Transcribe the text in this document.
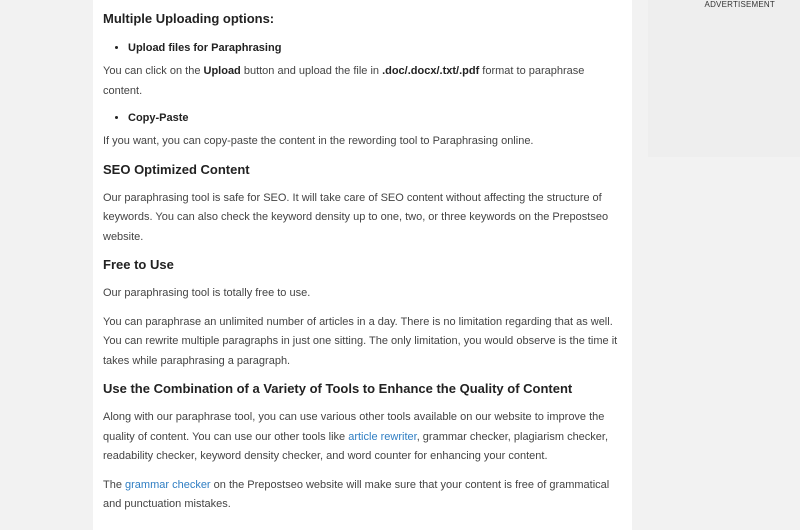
Multiple Uploading options:
• Upload files for Paraphrasing

You can click on the Upload button and upload the file in .doc/.docx/.txt/.pdf format to paraphrase content.

• Copy-Paste

If you want, you can copy-paste the content in the rewording tool to Paraphrasing online.

SEO Optimized Content

Our paraphrasing tool is safe for SEO. It will take care of SEO content without affecting the structure of keywords. You can also check the keyword density up to one, two, or three keywords on the Prepostseo website.

Free to Use

Our paraphrasing tool is totally free to use.

You can paraphrase an unlimited number of articles in a day. There is no limitation regarding that as well. You can rewrite multiple paragraphs in just one sitting. The only limitation, you would observe is the time it takes while paraphrasing a paragraph.

Use the Combination of a Variety of Tools to Enhance the Quality of Content

Along with our paraphrase tool, you can use various other tools available on our website to improve the quality of content. You can use our other tools like article rewriter, grammar checker, plagiarism checker, readability checker, keyword density checker, and word counter for enhancing your content.

The grammar checker on the Prepostseo website will make sure that your content is free of grammatical and punctuation mistakes.

ADVERTISEMENT
